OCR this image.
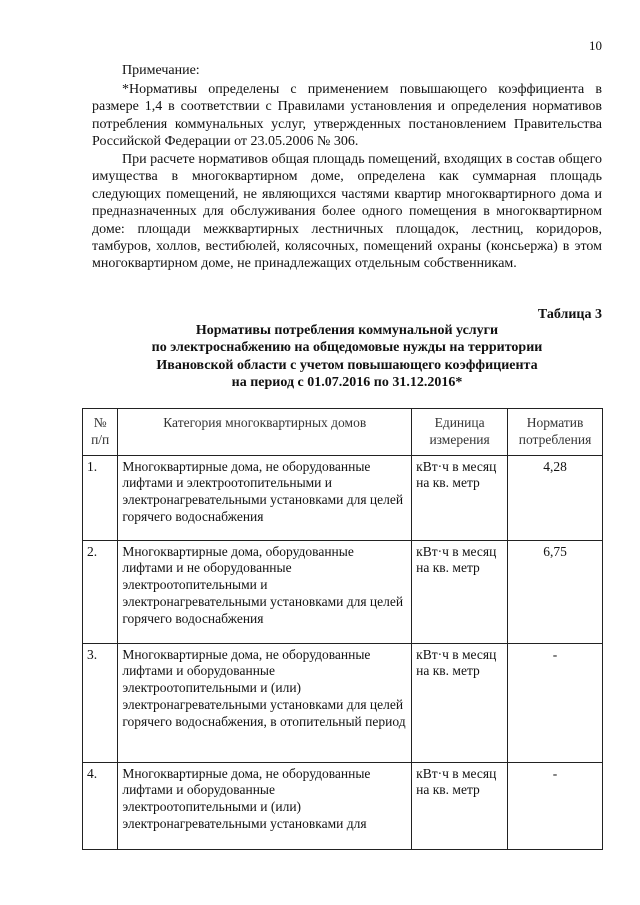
10
Примечание:

*Нормативы определены с применением повышающего коэффициента в размере 1,4 в соответствии с Правилами установления и определения нормативов потребления коммунальных услуг, утвержденных постановлением Правительства Российской Федерации от 23.05.2006 № 306.

При расчете нормативов общая площадь помещений, входящих в состав общего имущества в многоквартирном доме, определена как суммарная площадь следующих помещений, не являющихся частями квартир многоквартирного дома и предназначенных для обслуживания более одного помещения в многоквартирном доме: площади межквартирных лестничных площадок, лестниц, коридоров, тамбуров, холлов, вестибюлей, колясочных, помещений охраны (консьержа) в этом многоквартирном доме, не принадлежащих отдельным собственникам.

Таблица 3
Нормативы потребления коммунальной услуги
по электроснабжению на общедомовые нужды на территории
Ивановской области с учетом повышающего коэффициента
на период с 01.07.2016 по 31.12.2016*
№ п/п	Категория многоквартирных домов	Единица измерения	Норматив потребления
1.	Многоквартирные дома, не оборудованные лифтами и электроотопительными и электронагревательными установками для целей горячего водоснабжения	кВт·ч в месяц на кв. метр	4,28
2.	Многоквартирные дома, оборудованные лифтами и не оборудованные электроотопительными и электронагревательными установками для целей горячего водоснабжения	кВт·ч в месяц на кв. метр	6,75
3.	Многоквартирные дома, не оборудованные лифтами и оборудованные электроотопительными и (или) электронагревательными установками для целей горячего водоснабжения, в отопительный период	кВт·ч в месяц на кв. метр	-
4.	Многоквартирные дома, не оборудованные лифтами и оборудованные электроотопительными и (или) электронагревательными установками для	кВт·ч в месяц на кв. метр	-
